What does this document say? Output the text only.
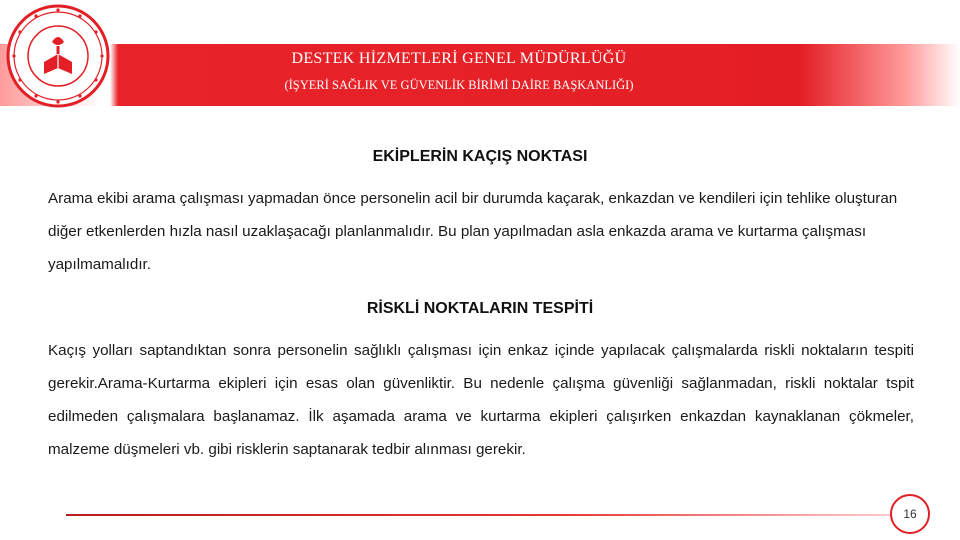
DESTEK HİZMETLERİ GENEL MÜDÜRLÜĞÜ
(İŞYERİ SAĞLIK VE GÜVENLİK BİRİMİ DAİRE BAŞKANLIĞI)
EKİPLERİN KAÇIŞ NOKTASI
Arama ekibi arama çalışması yapmadan önce personelin acil bir durumda kaçarak, enkazdan ve kendileri için tehlike oluşturan diğer etkenlerden hızla nasıl uzaklaşacağı planlanmalıdır. Bu plan yapılmadan asla enkazda arama ve kurtarma çalışması yapılmamalıdır.
RİSKLİ NOKTALARIN TESPİTİ
Kaçış yolları saptandıktan sonra personelin sağlıklı çalışması için enkaz içinde yapılacak çalışmalarda riskli noktaların tespiti gerekir.Arama-Kurtarma ekipleri için esas olan güvenliktir. Bu nedenle çalışma güvenliği sağlanmadan, riskli noktalar tspit edilmeden çalışmalara başlanamaz. İlk aşamada arama ve kurtarma ekipleri çalışırken enkazdan kaynaklanan çökmeler, malzeme düşmeleri vb. gibi risklerin saptanarak tedbir alınması gerekir.
16
